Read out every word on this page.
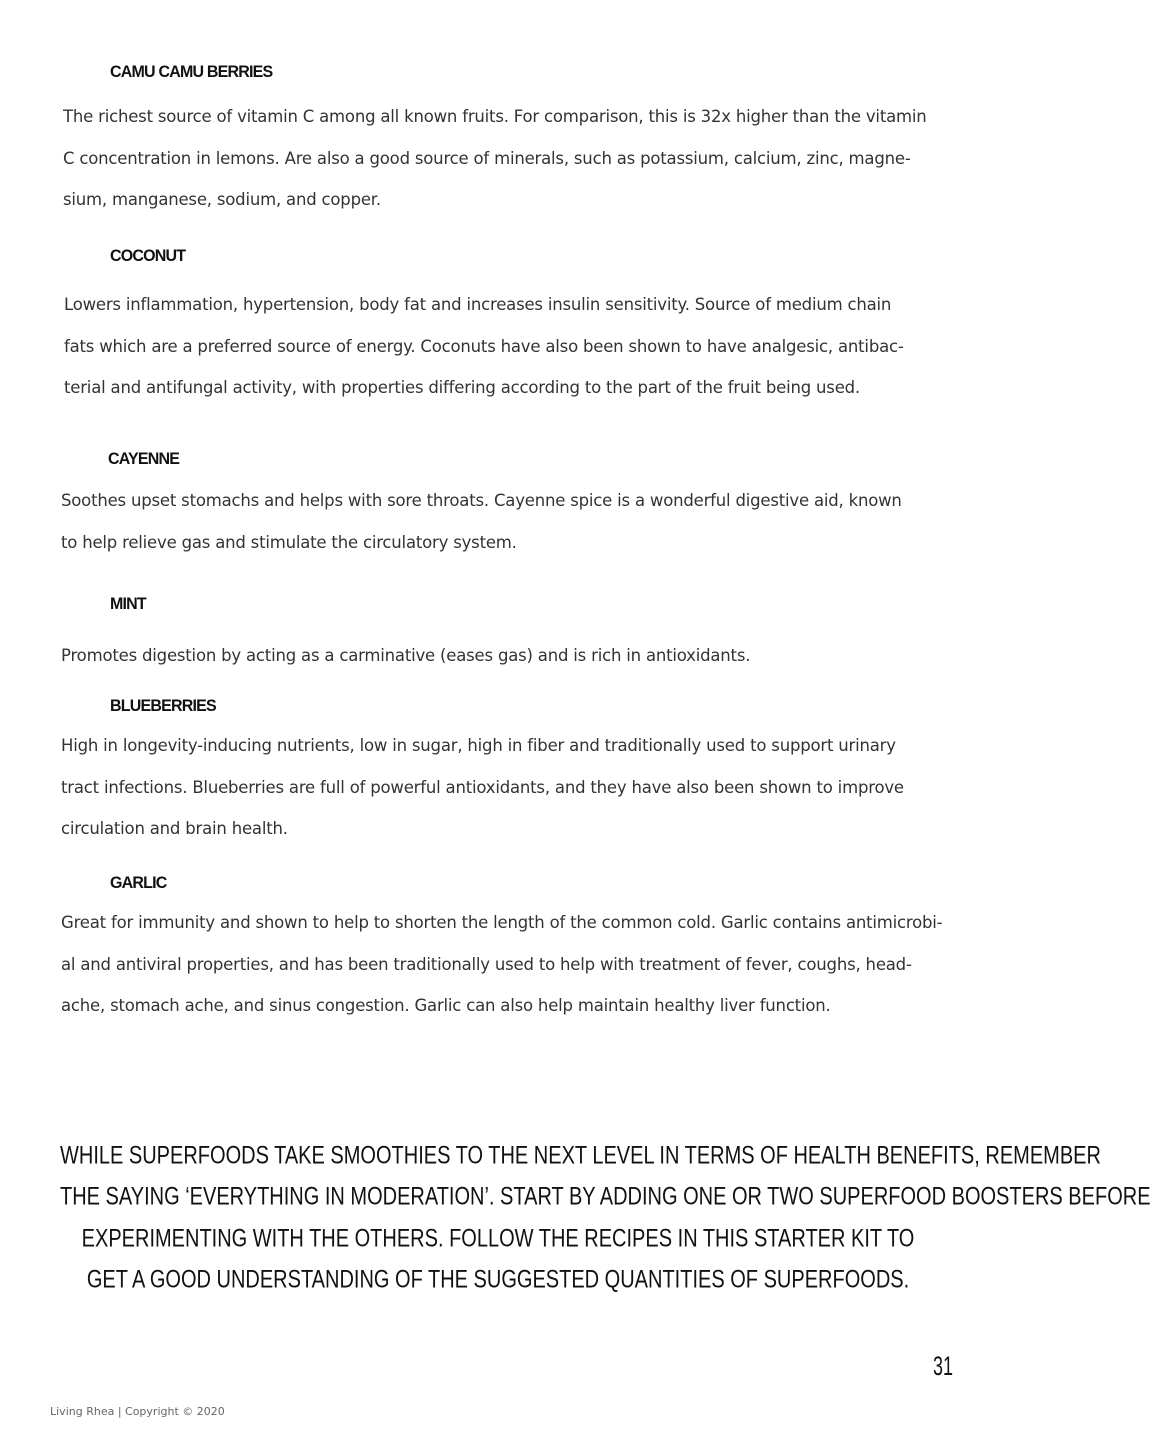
CAMU CAMU BERRIES

The richest source of vitamin C among all known fruits. For comparison, this is 32x higher than the vitamin
C concentration in lemons. Are also a good source of minerals, such as potassium, calcium, zinc, magne-
sium, manganese, sodium, and copper.

COCONUT

Lowers inflammation, hypertension, body fat and increases insulin sensitivity. Source of medium chain
fats which are a preferred source of energy. Coconuts have also been shown to have analgesic, antibac-
terial and antifungal activity, with properties differing according to the part of the fruit being used.

CAYENNE

Soothes upset stomachs and helps with sore throats. Cayenne spice is a wonderful digestive aid, known
to help relieve gas and stimulate the circulatory system.

MINT

Promotes digestion by acting as a carminative (eases gas) and is rich in antioxidants.

BLUEBERRIES

High in longevity-inducing nutrients, low in sugar, high in fiber and traditionally used to support urinary
tract infections. Blueberries are full of powerful antioxidants, and they have also been shown to improve
circulation and brain health.

GARLIC

Great for immunity and shown to help to shorten the length of the common cold. Garlic contains antimicrobi-
al and antiviral properties, and has been traditionally used to help with treatment of fever, coughs, head-
ache, stomach ache, and sinus congestion. Garlic can also help maintain healthy liver function.

WHILE SUPERFOODS TAKE SMOOTHIES TO THE NEXT LEVEL IN TERMS OF HEALTH BENEFITS, REMEMBER
THE SAYING ‘EVERYTHING IN MODERATION’. START BY ADDING ONE OR TWO SUPERFOOD BOOSTERS BEFORE
EXPERIMENTING WITH THE OTHERS. FOLLOW THE RECIPES IN THIS STARTER KIT TO
GET A GOOD UNDERSTANDING OF THE SUGGESTED QUANTITIES OF SUPERFOODS.
31
Living Rhea | Copyright © 2020
